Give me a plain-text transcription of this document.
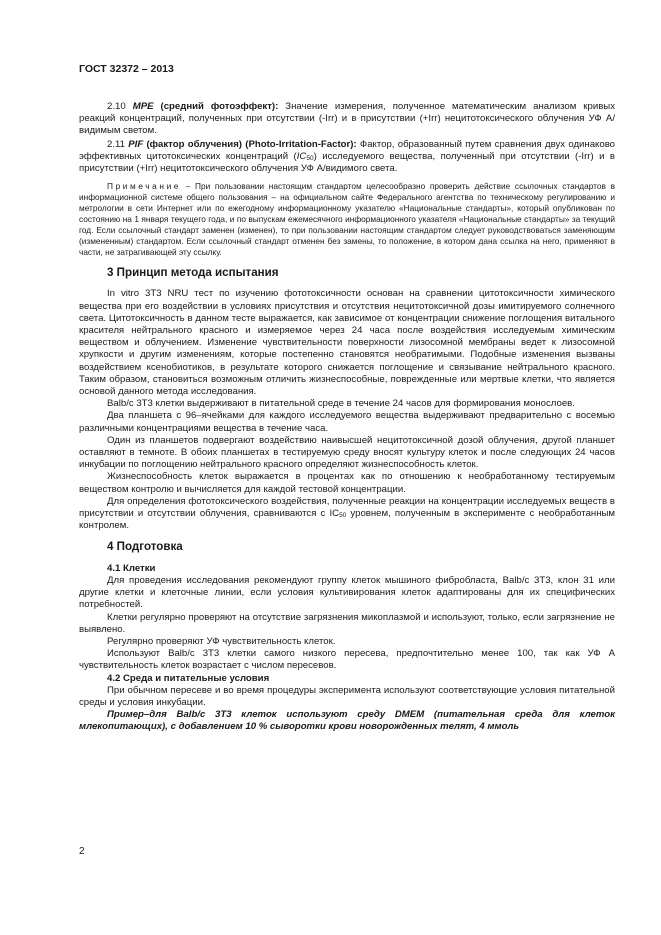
ГОСТ 32372 – 2013

2.10 MPE (средний фотоэффект): Значение измерения, полученное математическим анализом кривых реакций концентраций, полученных при отсутствии (-Irr) и в присутствии (+Irr) нецитотоксического облучения УФ А/видимым светом.

2.11 PIF (фактор облучения) (Photo-Irritation-Factor): Фактор, образованный путем сравнения двух одинаково эффективных цитотоксических концентраций $(IC_{50})$ исследуемого вещества, полученный при отсутствии (-Irr) и в присутствии (+Irr) нецитотоксического облучения УФ А/видимого света.

Примечание – При пользовании настоящим стандартом целесообразно проверить действие ссылочных стандартов в информационной системе общего пользования – на официальном сайте Федерального агентства по техническому регулированию и метрологии в сети Интернет или по ежегодному информационному указателю «Национальные стандарты», который опубликован по состоянию на 1 января текущего года, и по выпускам ежемесячного информационного указателя «Национальные стандарты» за текущий год. Если ссылочный стандарт заменен (изменен), то при пользовании настоящим стандартом следует руководствоваться заменяющим (измененным) стандартом. Если ссылочный стандарт отменен без замены, то положение, в котором дана ссылка на него, применяют в части, не затрагивающей эту ссылку.
3 Принцип метода испытания

In vitro 3T3 NRU тест по изучению фототоксичности основан на сравнении цитотоксичности химического вещества при его воздействии в условиях присутствия и отсутствия нецитотоксичной дозы имитируемого солнечного света. Цитотоксичность в данном тесте выражается, как зависимое от концентрации снижение поглощения витального красителя нейтрального красного и измеряемое через 24 часа после воздействия исследуемым химическим веществом и облучением. Изменение чувствительности поверхности лизосомной мембраны ведет к лизосомной хрупкости и другим изменениям, которые постепенно становятся необратимыми. Подобные изменения вызваны воздействием ксенобиотиков, в результате которого снижается поглощение и связывание нейтрального красного. Таким образом, становиться возможным отличить жизнеспособные, поврежденные или мертвые клетки, что является основой данного метода исследования.

Balb/c 3T3 клетки выдерживают в питательной среде в течение 24 часов для формирования монослоев.

Два планшета с 96–ячейками для каждого исследуемого вещества выдерживают предварительно с восемью различными концентрациями вещества в течение часа.

Один из планшетов подвергают воздействию наивысшей нецитотоксичной дозой облучения, другой планшет оставляют в темноте. В обоих планшетах в тестируемую среду вносят культуру клеток и после следующих 24 часов инкубации по поглощению нейтрального красного определяют жизнеспособность клеток.

Жизнеспособность клеток выражается в процентах как по отношению к необработанному тестируемым веществом контролю и вычисляется для каждой тестовой концентрации.

Для определения фототоксического воздействия, полученные реакции на концентрации исследуемых веществ в присутствии и отсутствии облучения, сравниваются с $IC_{50}$ уровнем, полученным в эксперименте с необработанным контролем.

4 Подготовка
4.1 Клетки

Для проведения исследования рекомендуют группу клеток мышиного фибробласта, Balb/c 3T3, клон 31 или другие клетки и клеточные линии, если условия культивирования клеток адаптированы для их специфических потребностей.

Клетки регулярно проверяют на отсутствие загрязнения микоплазмой и используют, только, если загрязнение не выявлено.

Регулярно проверяют УФ чувствительность клеток.

Используют Balb/c 3T3 клетки самого низкого пересева, предпочтительно менее 100, так как УФ А чувствительность клеток возрастает с числом пересевов.

4.2 Среда и питательные условия

При обычном пересеве и во время процедуры эксперимента используют соответствующие условия питательной среды и условия инкубации.

Пример–для Balb/c 3T3 клеток используют среду DMEM (питательная среда для клеток млекопитающих), с добавлением 10 % сыворотки крови новорожденных телят, 4 ммоль

2
